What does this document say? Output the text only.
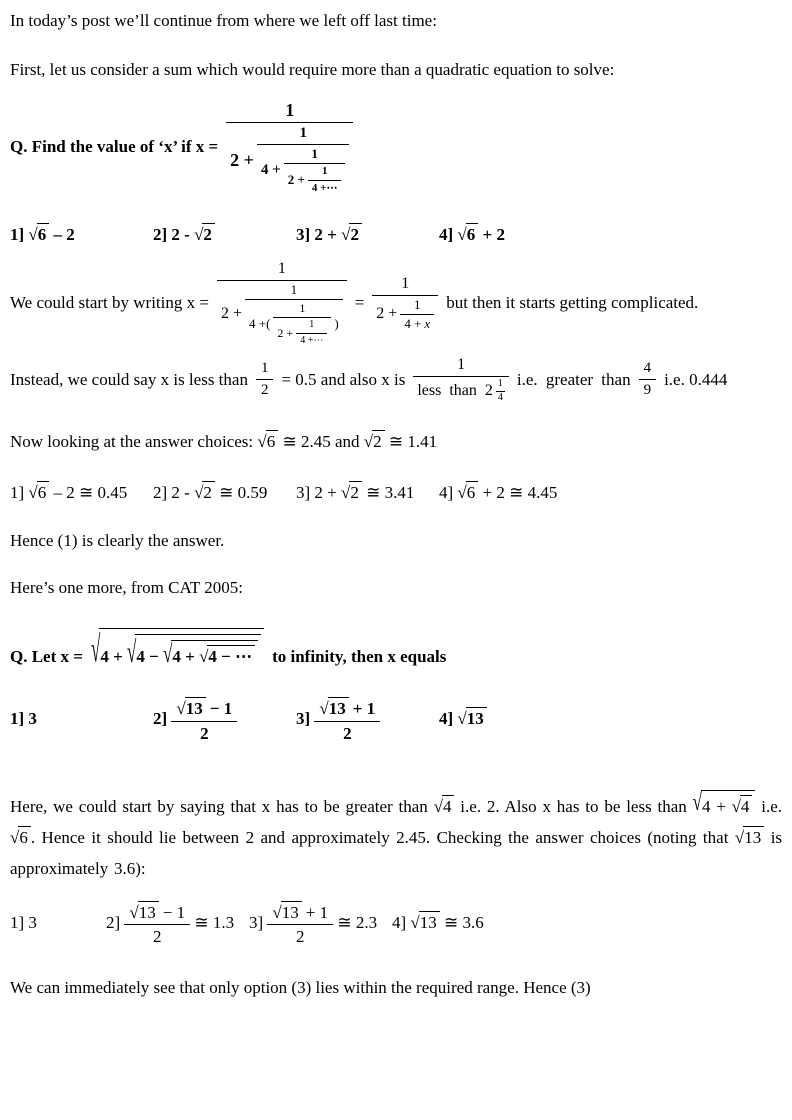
In today’s post we’ll continue from where we left off last time:

First, let us consider a sum which would require more than a quadratic equation to solve:

Q. Find the value of ‘x’ if x =
1
2 +
1
4 +
1
$2 + \frac{1}{4 +\cdots}$
1] √6 – 2	2] 2 - √2	3] 2 + √2	4] √6 + 2
We could start by writing x =
1
2 +
1
4 +(
1
$2 + \frac{1}{4 +\cdots}$ )
=
1
$2 + \frac{1}{4 + x}$ but then it starts getting complicated.
Instead, we could say x is less than $\frac{1}{2} = 0.5$ and also x is $\frac{1}{less than 2 \frac{1}{4}} i.e$. greater than $\frac{4}{9} i.e$. 0.444

Now looking at the answer choices: √6 ≅ 2.45 and √2 ≅ 1.41

1] √6 – 2 ≅ 0.45	2] 2 - √2 ≅ 0.59	3] 2 + √2 ≅ 3.41	4] √6 + 2 ≅ 4.45

Hence (1) is clearly the answer.

Here’s one more, from CAT 2005:

Q. Let x = √4 + √4 − √4 + √4 − ⋯	to infinity, then x equals
1] 3	$2] \frac{√13 - 1}{2}$	$3] \frac{√13 + 1}{2}$	4] √13

Here, we could start by saying that x has to be greater than √4 i.e. 2. Also x has to be less than √4 + √4 i.e. √6 . Hence it should lie between 2 and approximately 2.45. Checking the answer choices (noting that √13 is approximately 3.6):

1] 3	$2] \frac{√13 - 1}{2}$ ≅ 1.3 $3] \frac{√13 + 1}{2}$ ≅ 2.3 4] √13 ≅ 3.6

We can immediately see that only option (3) lies within the required range. Hence (3)
